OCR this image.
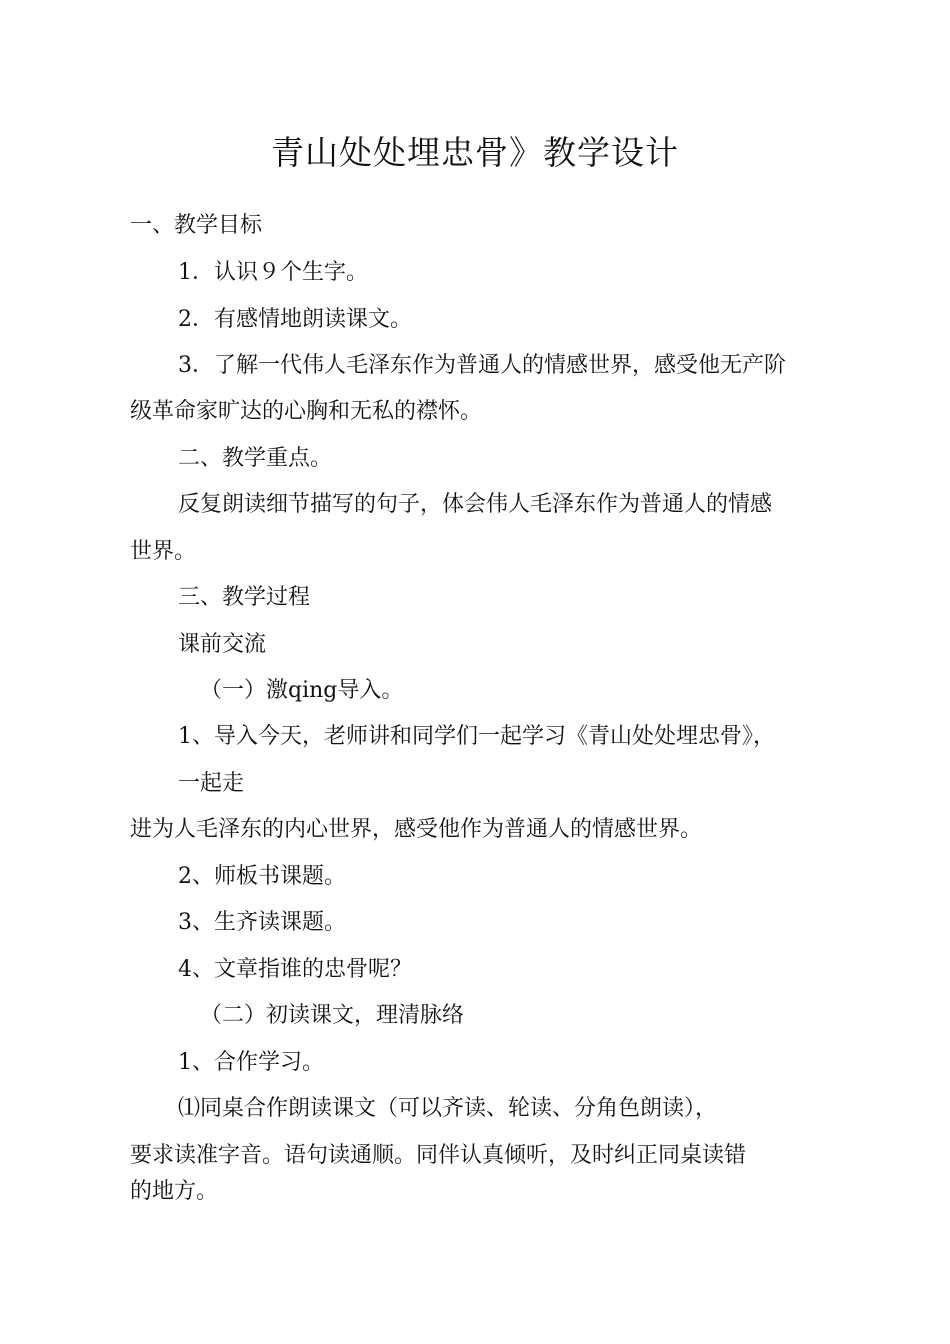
青山处处埋忠骨》教学设计
一、教学目标
1．认识９个生字。
2．有感情地朗读课文。
3．了解一代伟人毛泽东作为普通人的情感世界，感受他无产阶
级革命家旷达的心胸和无私的襟怀。
二、教学重点。
反复朗读细节描写的句子，体会伟人毛泽东作为普通人的情感
世界。
三、教学过程
课前交流
（一）激qing导入。
1、导入今天，老师讲和同学们一起学习《青山处处埋忠骨》，
一起走
进为人毛泽东的内心世界，感受他作为普通人的情感世界。
2、师板书课题。
3、生齐读课题。
4、文章指谁的忠骨呢？
（二）初读课文，理清脉络
1、合作学习。
⑴同桌合作朗读课文（可以齐读、轮读、分角色朗读），
要求读准字音。语句读通顺。同伴认真倾听，及时纠正同桌读错
的地方。
